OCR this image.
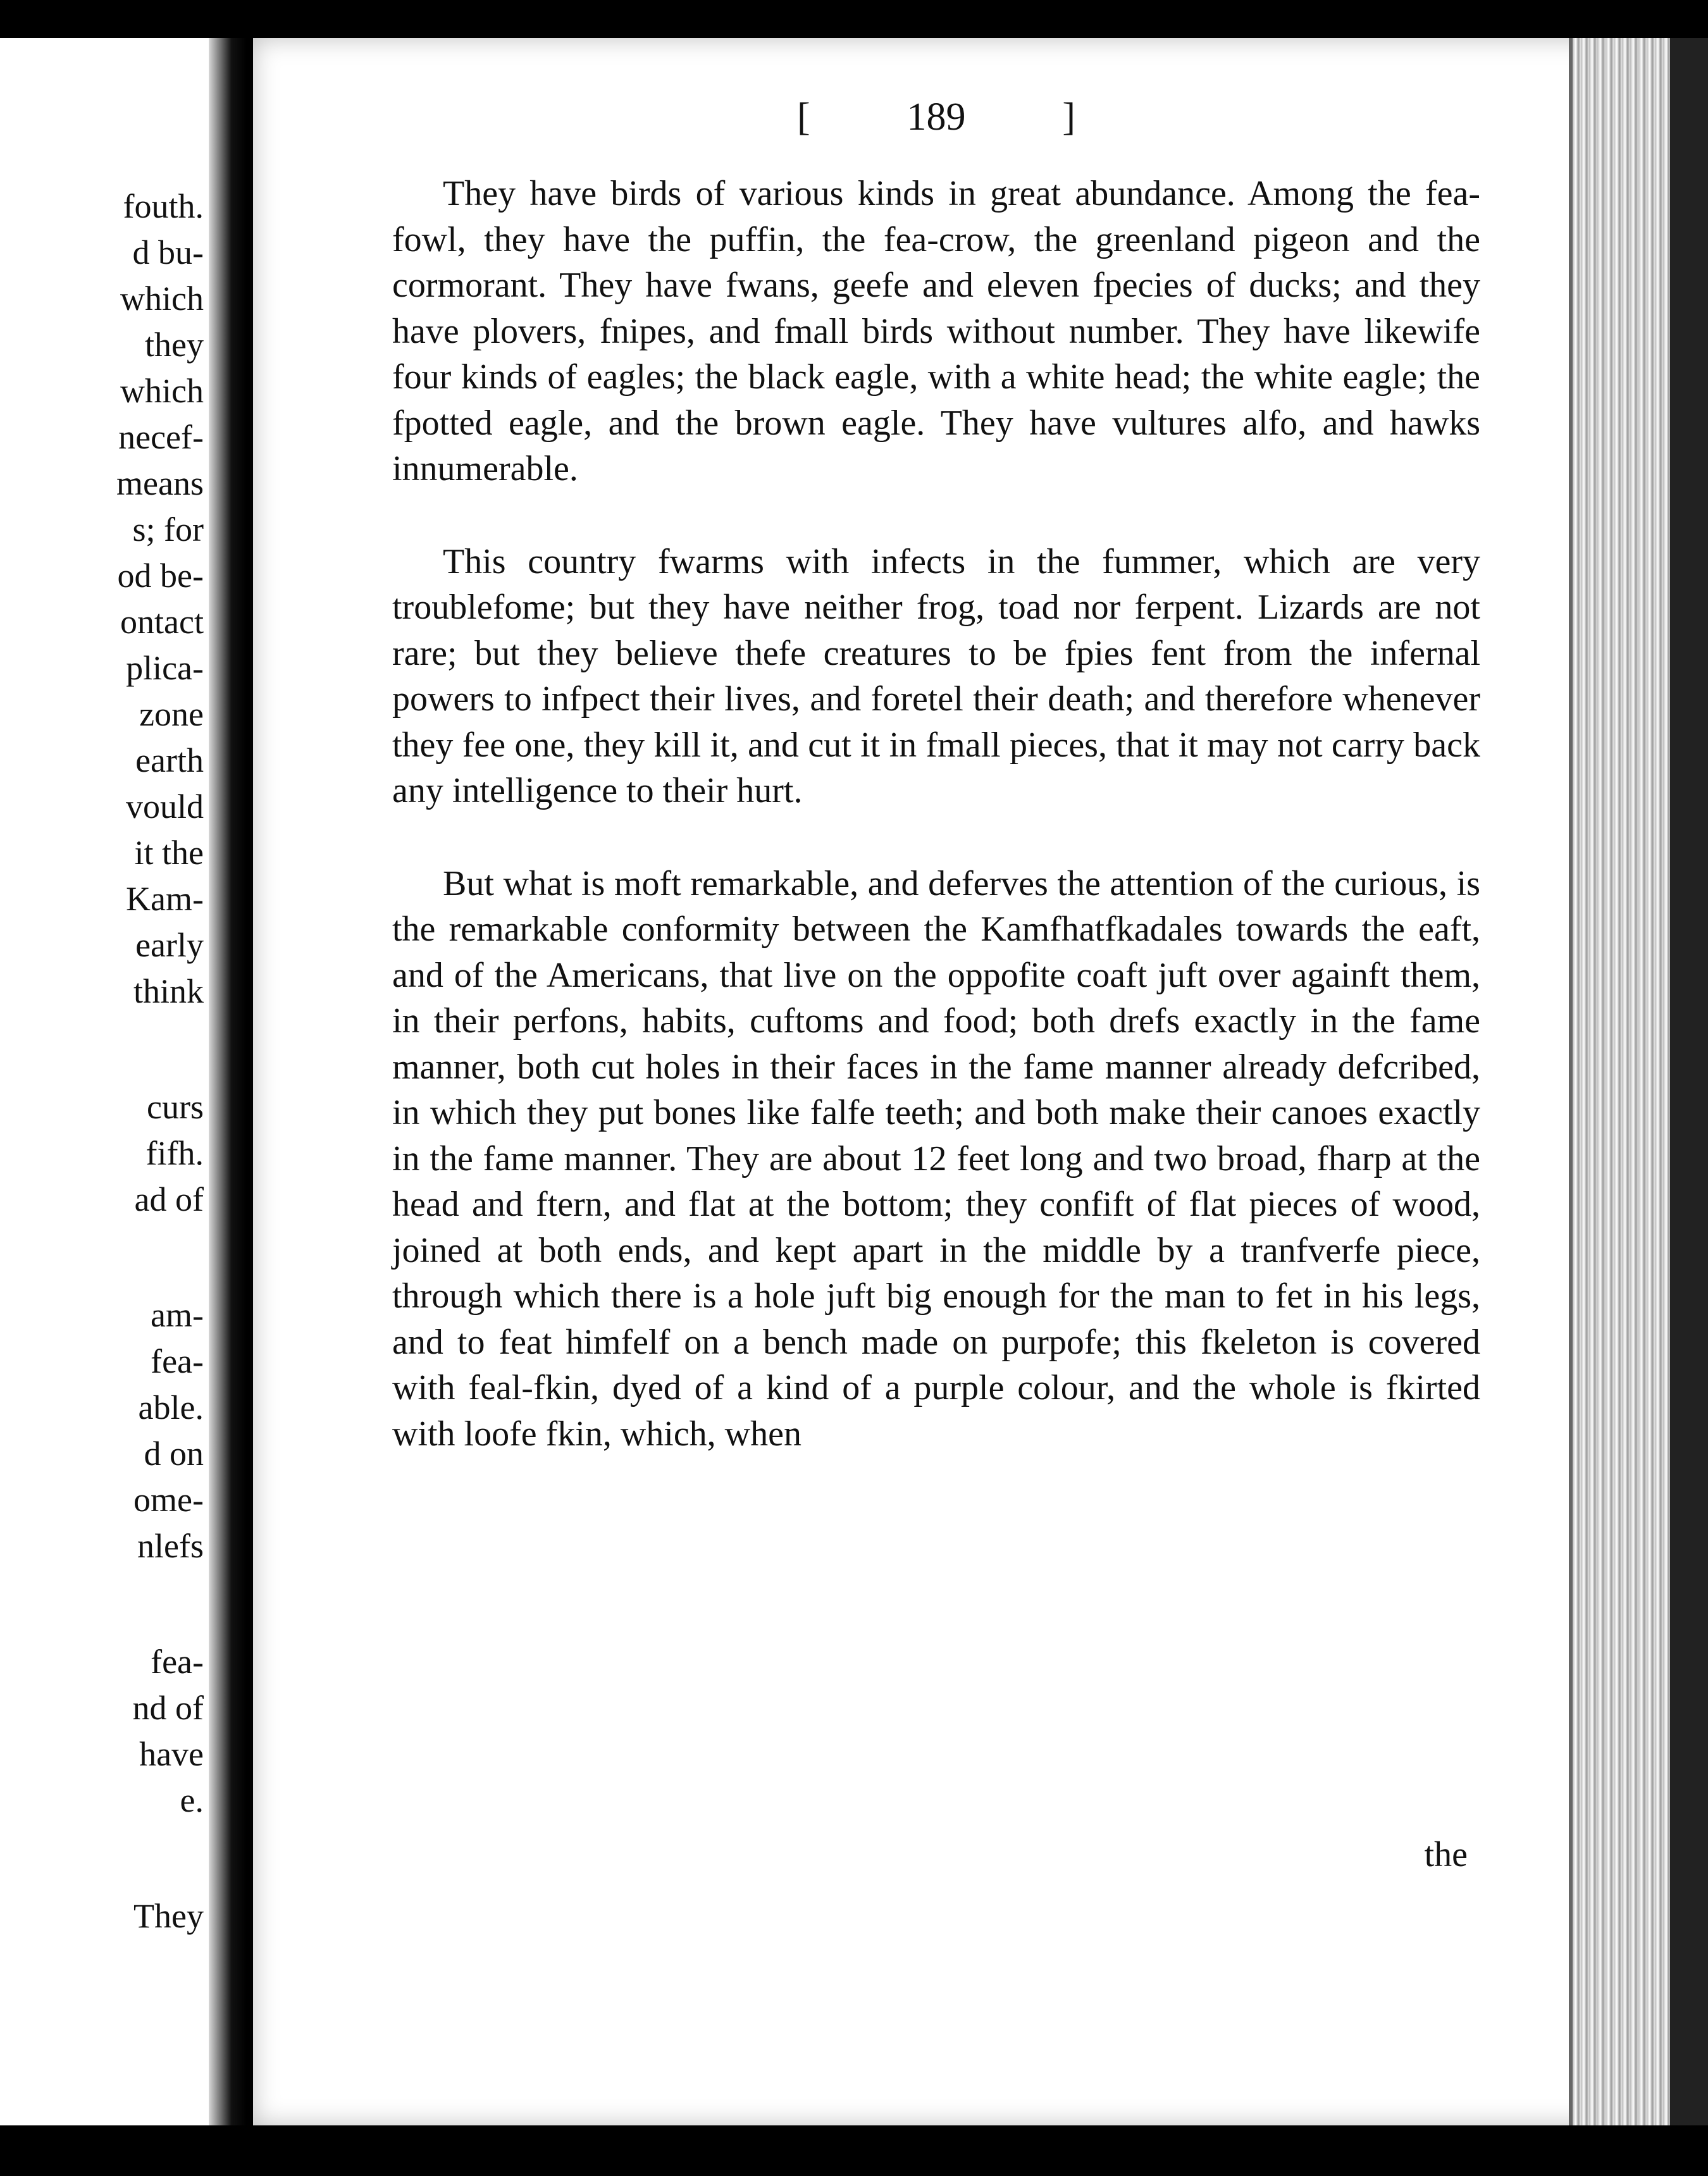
fouth.
d bu-
which
they
which
necef-
means
s; for
od be-
ontact
plica-
zone
earth
vould
it the
Kam-
early
think
curs
fifh.
ad of
am-
fea-
able.
d on
ome-
nlefs
fea-
nd of
have
e.
They
[ 189 ]

They have birds of various kinds in great abundance. Among the fea-fowl, they have the puffin, the fea-crow, the greenland pigeon and the cormorant. They have fwans, geefe and eleven fpecies of ducks; and they have plovers, fnipes, and fmall birds without number. They have likewife four kinds of eagles; the black eagle, with a white head; the white eagle; the fpotted eagle, and the brown eagle. They have vultures alfo, and hawks innumerable.

This country fwarms with infects in the fummer, which are very troublefome; but they have neither frog, toad nor ferpent. Lizards are not rare; but they believe thefe creatures to be fpies fent from the infernal powers to infpect their lives, and foretel their death; and therefore whenever they fee one, they kill it, and cut it in fmall pieces, that it may not carry back any intelligence to their hurt.

But what is moft remarkable, and deferves the attention of the curious, is the remarkable conformity between the Kamfhatfkadales towards the eaft, and of the Americans, that live on the oppofite coaft juft over againft them, in their perfons, habits, cuftoms and food; both drefs exactly in the fame manner, both cut holes in their faces in the fame manner already defcribed, in which they put bones like falfe teeth; and both make their canoes exactly in the fame manner. They are about 12 feet long and two broad, fharp at the head and ftern, and flat at the bottom; they confift of flat pieces of wood, joined at both ends, and kept apart in the middle by a tranfverfe piece, through which there is a hole juft big enough for the man to fet in his legs, and to feat himfelf on a bench made on purpofe; this fkeleton is covered with feal-fkin, dyed of a kind of a purple colour, and the whole is fkirted with loofe fkin, which, when

the
